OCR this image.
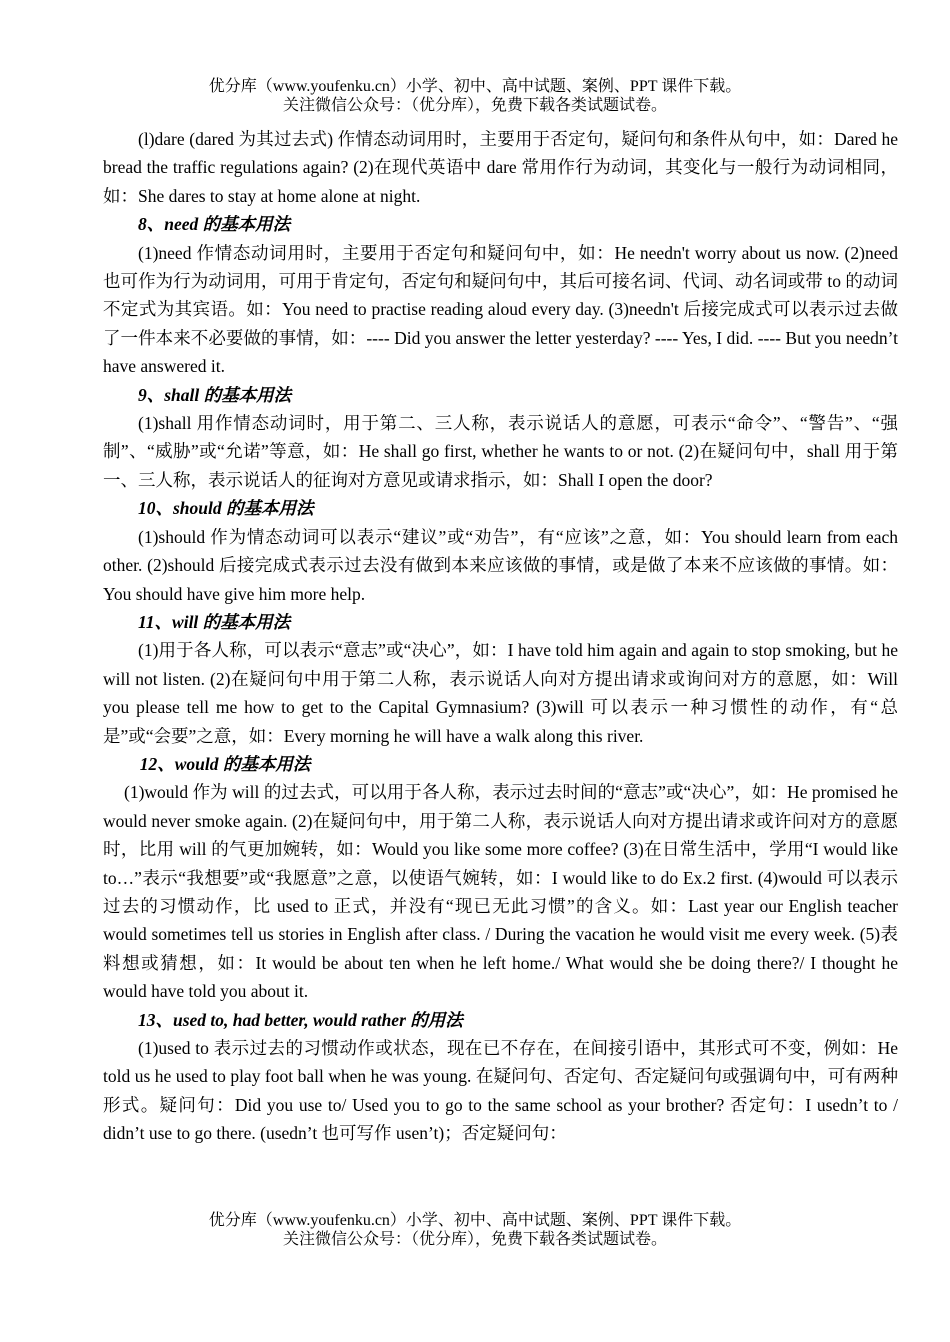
优分库（www.youfenku.cn）小学、初中、高中试题、案例、PPT 课件下载。
关注微信公众号：（优分库），免费下载各类试题试卷。

(l)dare (dared 为其过去式) 作情态动词用时，主要用于否定句，疑问句和条件从句中，如：Dared he bread the traffic regulations again? (2)在现代英语中 dare 常用作行为动词，其变化与一般行为动词相同，如：She dares to stay at home alone at night.

8、need 的基本用法

(1)need 作情态动词用时，主要用于否定句和疑问句中，如：He needn't worry about us now. (2)need 也可作为行为动词用，可用于肯定句，否定句和疑问句中，其后可接名词、代词、动名词或带 to 的动词不定式为其宾语。如：You need to practise reading aloud every day. (3)needn't 后接完成式可以表示过去做了一件本来不必要做的事情，如：---- Did you answer the letter yesterday? ---- Yes, I did. ---- But you needn’t have answered it.

9、shall 的基本用法

(1)shall 用作情态动词时，用于第二、三人称，表示说话人的意愿，可表示“命令”、“警告”、“强制”、“威胁”或“允诺”等意，如：He shall go first, whether he wants to or not. (2)在疑问句中，shall 用于第一、三人称，表示说话人的征询对方意见或请求指示，如：Shall I open the door?

10、should 的基本用法

(1)should 作为情态动词可以表示“建议”或“劝告”，有“应该”之意，如：You should learn from each other. (2)should 后接完成式表示过去没有做到本来应该做的事情，或是做了本来不应该做的事情。如：You should have give him more help.

11、will 的基本用法

(1)用于各人称，可以表示“意志”或“决心”，如：I have told him again and again to stop smoking, but he will not listen. (2)在疑问句中用于第二人称，表示说话人向对方提出请求或询问对方的意愿，如：Will you please tell me how to get to the Capital Gymnasium? (3)will 可以表示一种习惯性的动作，有“总是”或“会要”之意，如：Every morning he will have a walk along this river.

12、would 的基本用法

(1)would 作为 will 的过去式，可以用于各人称，表示过去时间的“意志”或“决心”，如：He promised he would never smoke again. (2)在疑问句中，用于第二人称，表示说话人向对方提出请求或许问对方的意愿时，比用 will 的气更加婉转，如：Would you like some more coffee? (3)在日常生活中，学用“I would like to…”表示“我想要”或“我愿意”之意，以使语气婉转，如：I would like to do Ex.2 first. (4)would 可以表示过去的习惯动作，比 used to 正式，并没有“现已无此习惯”的含义。如：Last year our English teacher would sometimes tell us stories in English after class. / During the vacation he would visit me every week. (5)表料想或猜想，如：It would be about ten when he left home./ What would she be doing there?/ I thought he would have told you about it.

13、used to, had better, would rather 的用法

(1)used to 表示过去的习惯动作或状态，现在已不存在，在间接引语中，其形式可不变，例如：He told us he used to play foot ball when he was young. 在疑问句、否定句、否定疑问句或强调句中，可有两种形式。疑问句：Did you use to/ Used you to go to the same school as your brother? 否定句：I usedn’t to / didn’t use to go there. (usedn’t 也可写作 usen’t)；否定疑问句：

优分库（www.youfenku.cn）小学、初中、高中试题、案例、PPT 课件下载。
关注微信公众号：（优分库），免费下载各类试题试卷。
